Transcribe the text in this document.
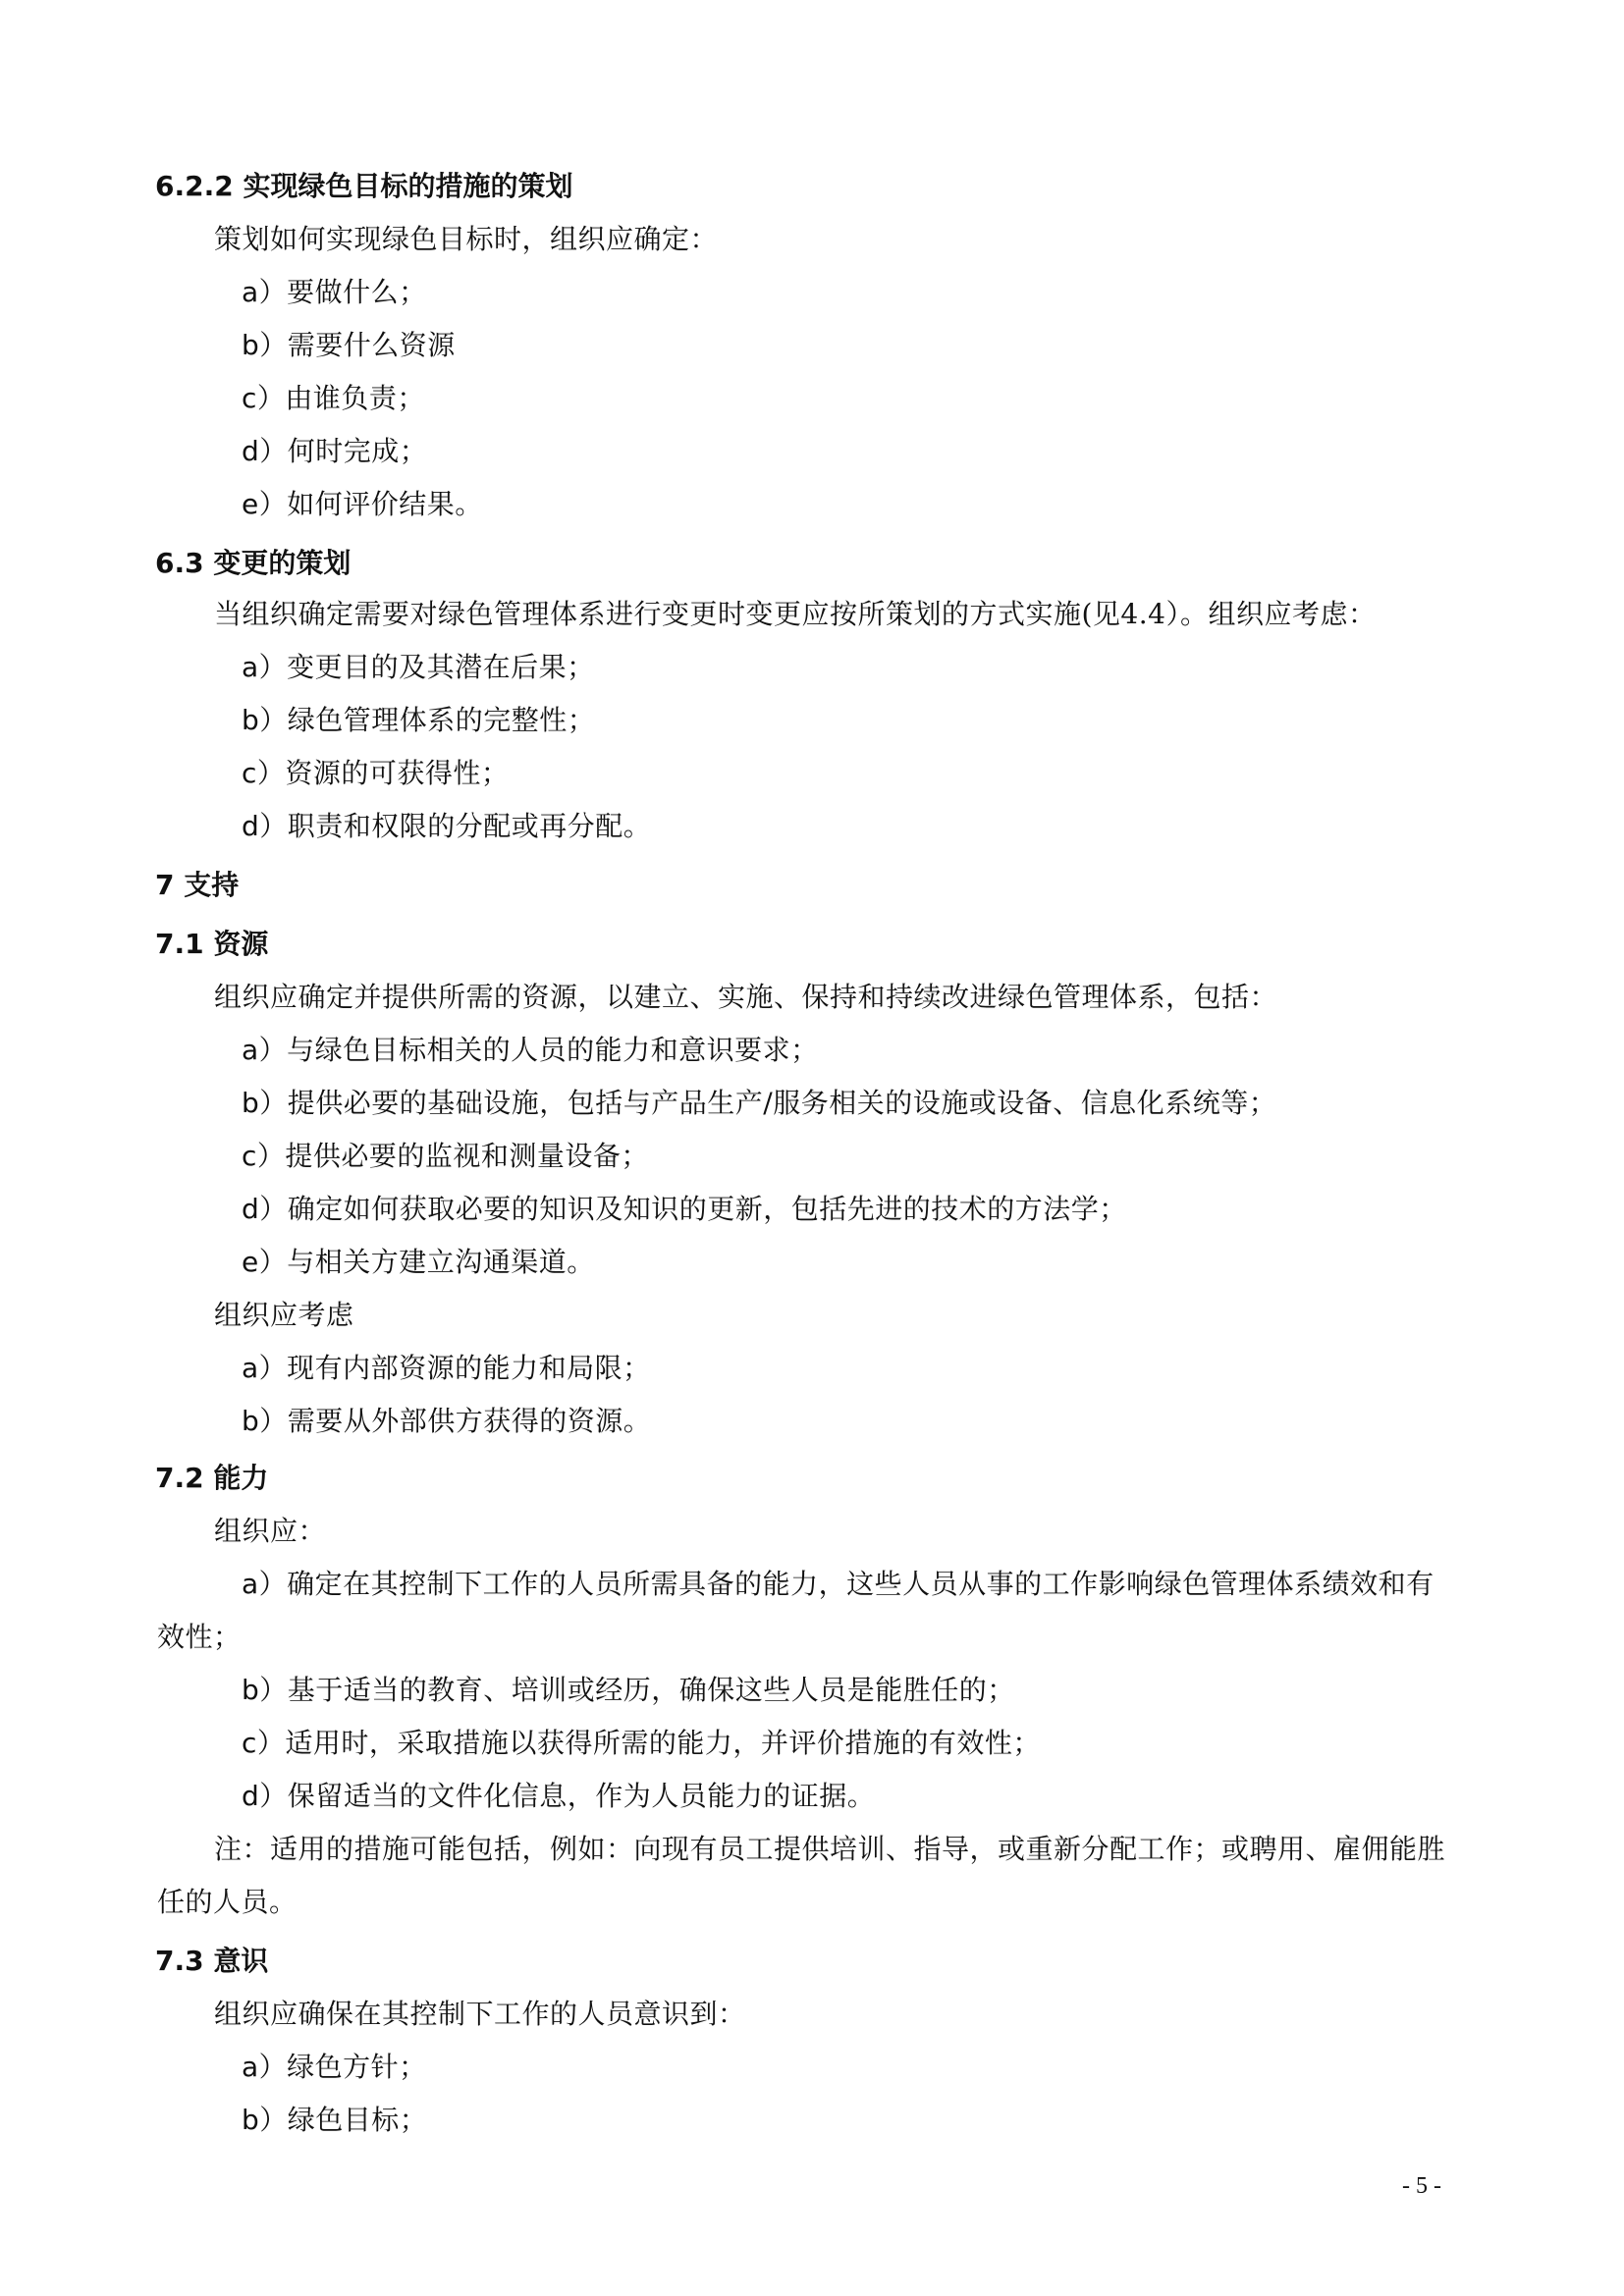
6.2.2 实现绿色目标的措施的策划
策划如何实现绿色目标时，组织应确定：
a）要做什么；
b）需要什么资源
c）由谁负责；
d）何时完成；
e）如何评价结果。
6.3 变更的策划
当组织确定需要对绿色管理体系进行变更时变更应按所策划的方式实施(见4.4）。组织应考虑：
a）变更目的及其潜在后果；
b）绿色管理体系的完整性；
c）资源的可获得性；
d）职责和权限的分配或再分配。
7 支持
7.1 资源
组织应确定并提供所需的资源，以建立、实施、保持和持续改进绿色管理体系，包括：
a）与绿色目标相关的人员的能力和意识要求；
b）提供必要的基础设施，包括与产品生产/服务相关的设施或设备、信息化系统等；
c）提供必要的监视和测量设备；
d）确定如何获取必要的知识及知识的更新，包括先进的技术的方法学；
e）与相关方建立沟通渠道。
组织应考虑
a）现有内部资源的能力和局限；
b）需要从外部供方获得的资源。
7.2 能力
组织应：
a）确定在其控制下工作的人员所需具备的能力，这些人员从事的工作影响绿色管理体系绩效和有
效性；
b）基于适当的教育、培训或经历，确保这些人员是能胜任的；
c）适用时，采取措施以获得所需的能力，并评价措施的有效性；
d）保留适当的文件化信息，作为人员能力的证据。
注：适用的措施可能包括，例如：向现有员工提供培训、指导，或重新分配工作；或聘用、雇佣能胜
任的人员。
7.3 意识
组织应确保在其控制下工作的人员意识到：
a）绿色方针；
b）绿色目标；
- 5 -
